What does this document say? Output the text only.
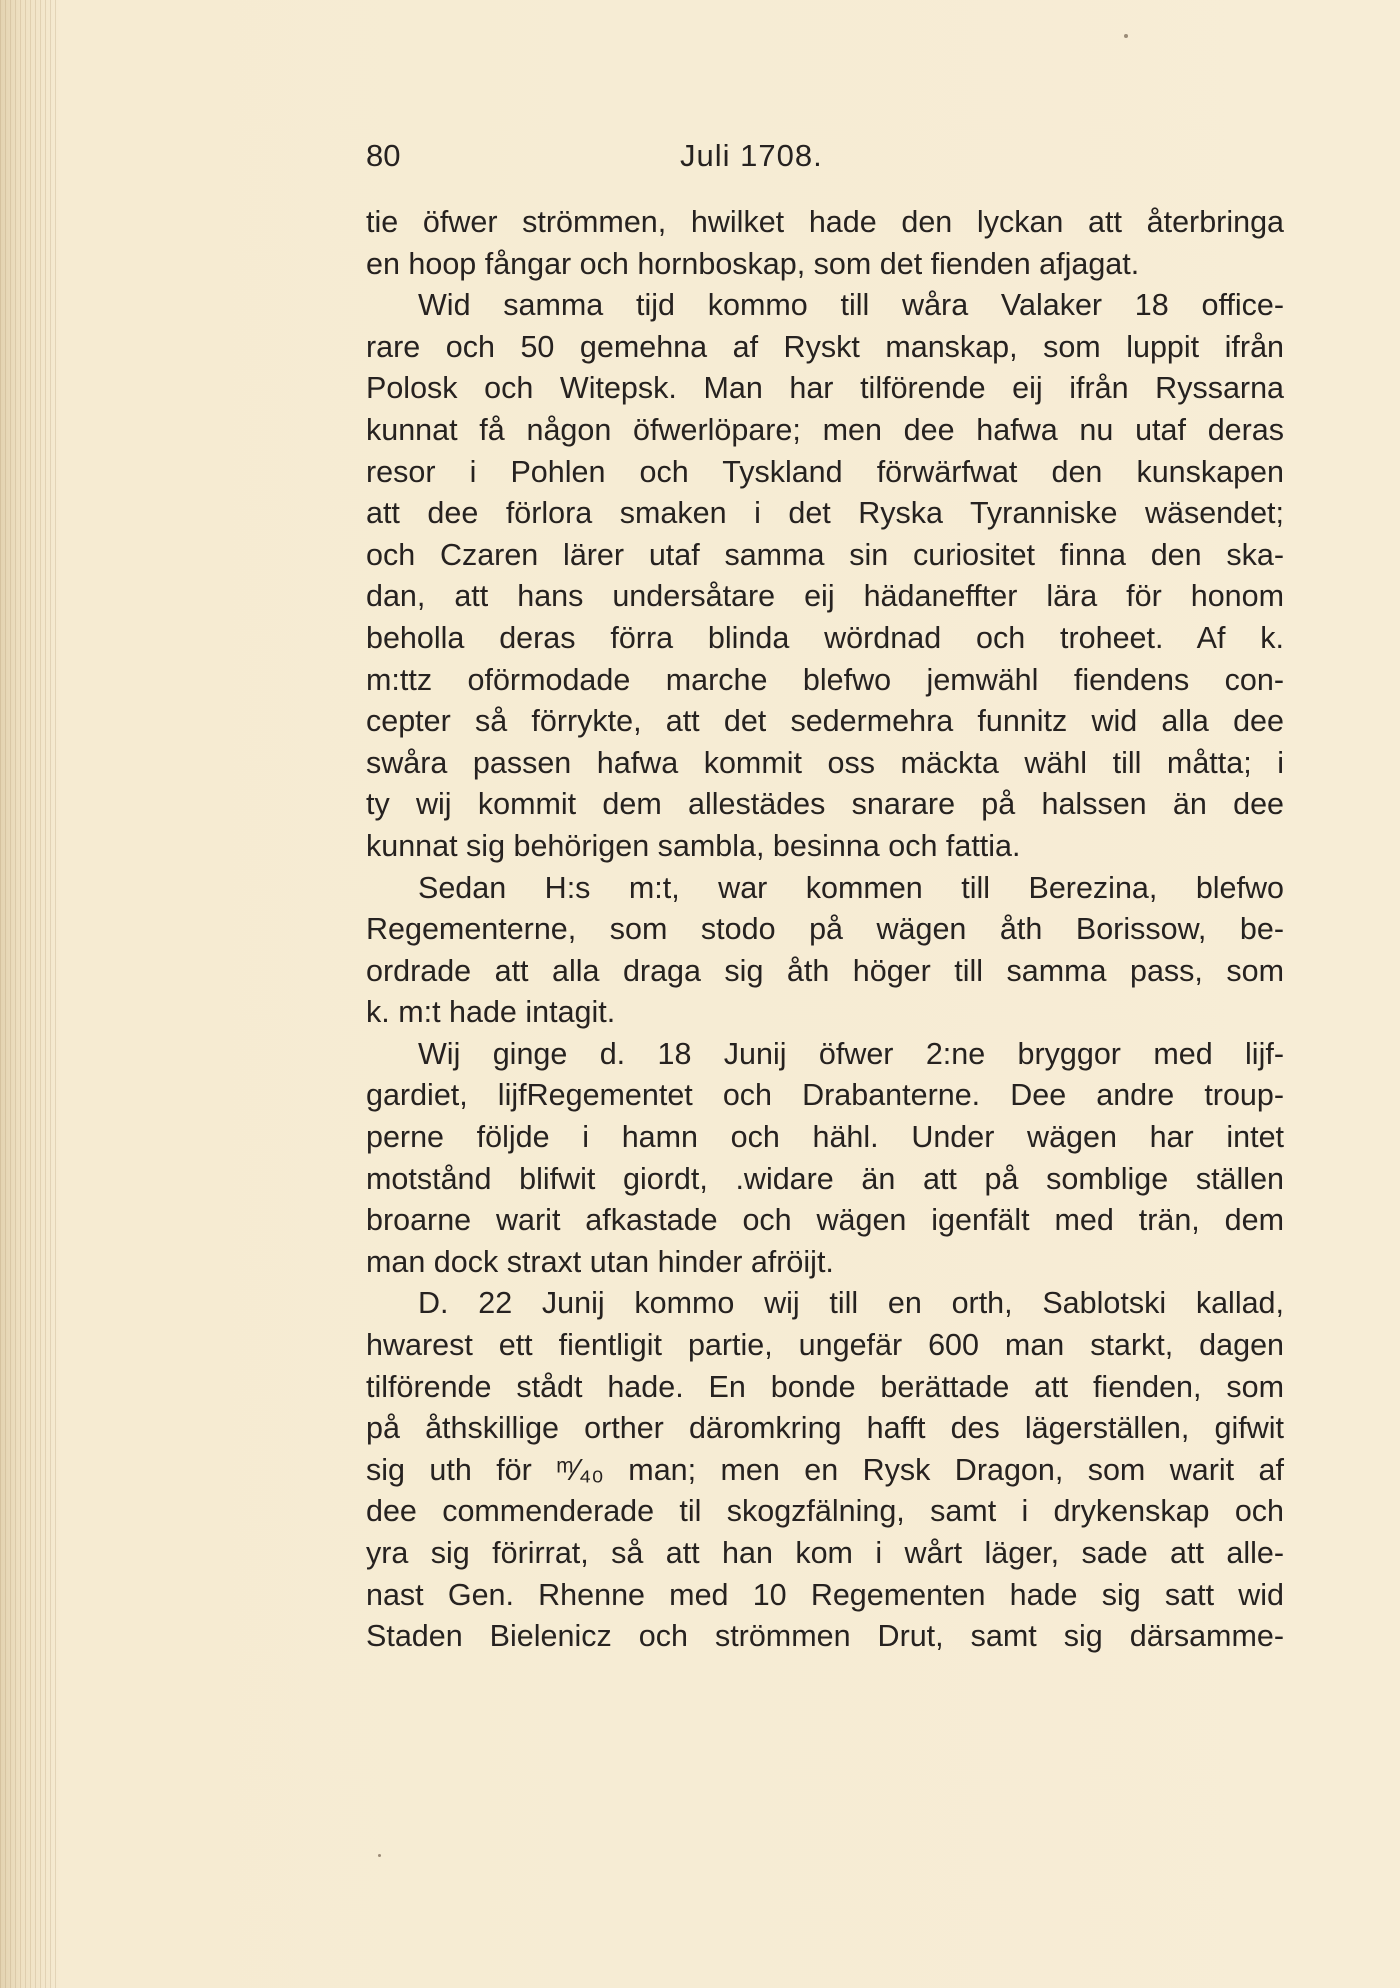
80	Juli 1708.
tie öfwer strömmen, hwilket hade den lyckan att återbringa
en hoop fångar och hornboskap, som det fienden afjagat.
Wid samma tijd kommo till wåra Valaker 18 office-
rare och 50 gemehna af Ryskt manskap, som luppit ifrån
Polosk och Witepsk. Man har tilförende eij ifrån Ryssarna
kunnat få någon öfwerlöpare; men dee hafwa nu utaf deras
resor i Pohlen och Tyskland förwärfwat den kunskapen
att dee förlora smaken i det Ryska Tyranniske wäsendet;
och Czaren lärer utaf samma sin curiositet finna den ska-
dan, att hans undersåtare eij hädaneffter lära för honom
beholla deras förra blinda wördnad och troheet. Af k.
m:ttz oförmodade marche blefwo jemwähl fiendens con-
cepter så förrykte, att det sedermehra funnitz wid alla dee
swåra passen hafwa kommit oss mäckta wähl till måtta; i
ty wij kommit dem allestädes snarare på halssen än dee
kunnat sig behörigen sambla, besinna och fattia.
Sedan H:s m:t, war kommen till Berezina, blefwo
Regementerne, som stodo på wägen åth Borissow, be-
ordrade att alla draga sig åth höger till samma pass, som
k. m:t hade intagit.
Wij ginge d. 18 Junij öfwer 2:ne bryggor med lijf-
gardiet, lijfRegementet och Drabanterne. Dee andre troup-
perne följde i hamn och hähl. Under wägen har intet
motstånd blifwit giordt, .widare än att på somblige ställen
broarne warit afkastade och wägen igenfält med trän, dem
man dock straxt utan hinder afröijt.
D. 22 Junij kommo wij till en orth, Sablotski kallad,
hwarest ett fientligit partie, ungefär 600 man starkt, dagen
tilförende stådt hade. En bonde berättade att fienden, som
på åthskillige orther däromkring hafft des lägerställen, gifwit
sig uth för ᵐ⁄₄₀ man; men en Rysk Dragon, som warit af
dee commenderade til skogzfälning, samt i drykenskap och
yra sig förirrat, så att han kom i wårt läger, sade att alle-
nast Gen. Rhenne med 10 Regementen hade sig satt wid
Staden Bielenicz och strömmen Drut, samt sig därsamme-
